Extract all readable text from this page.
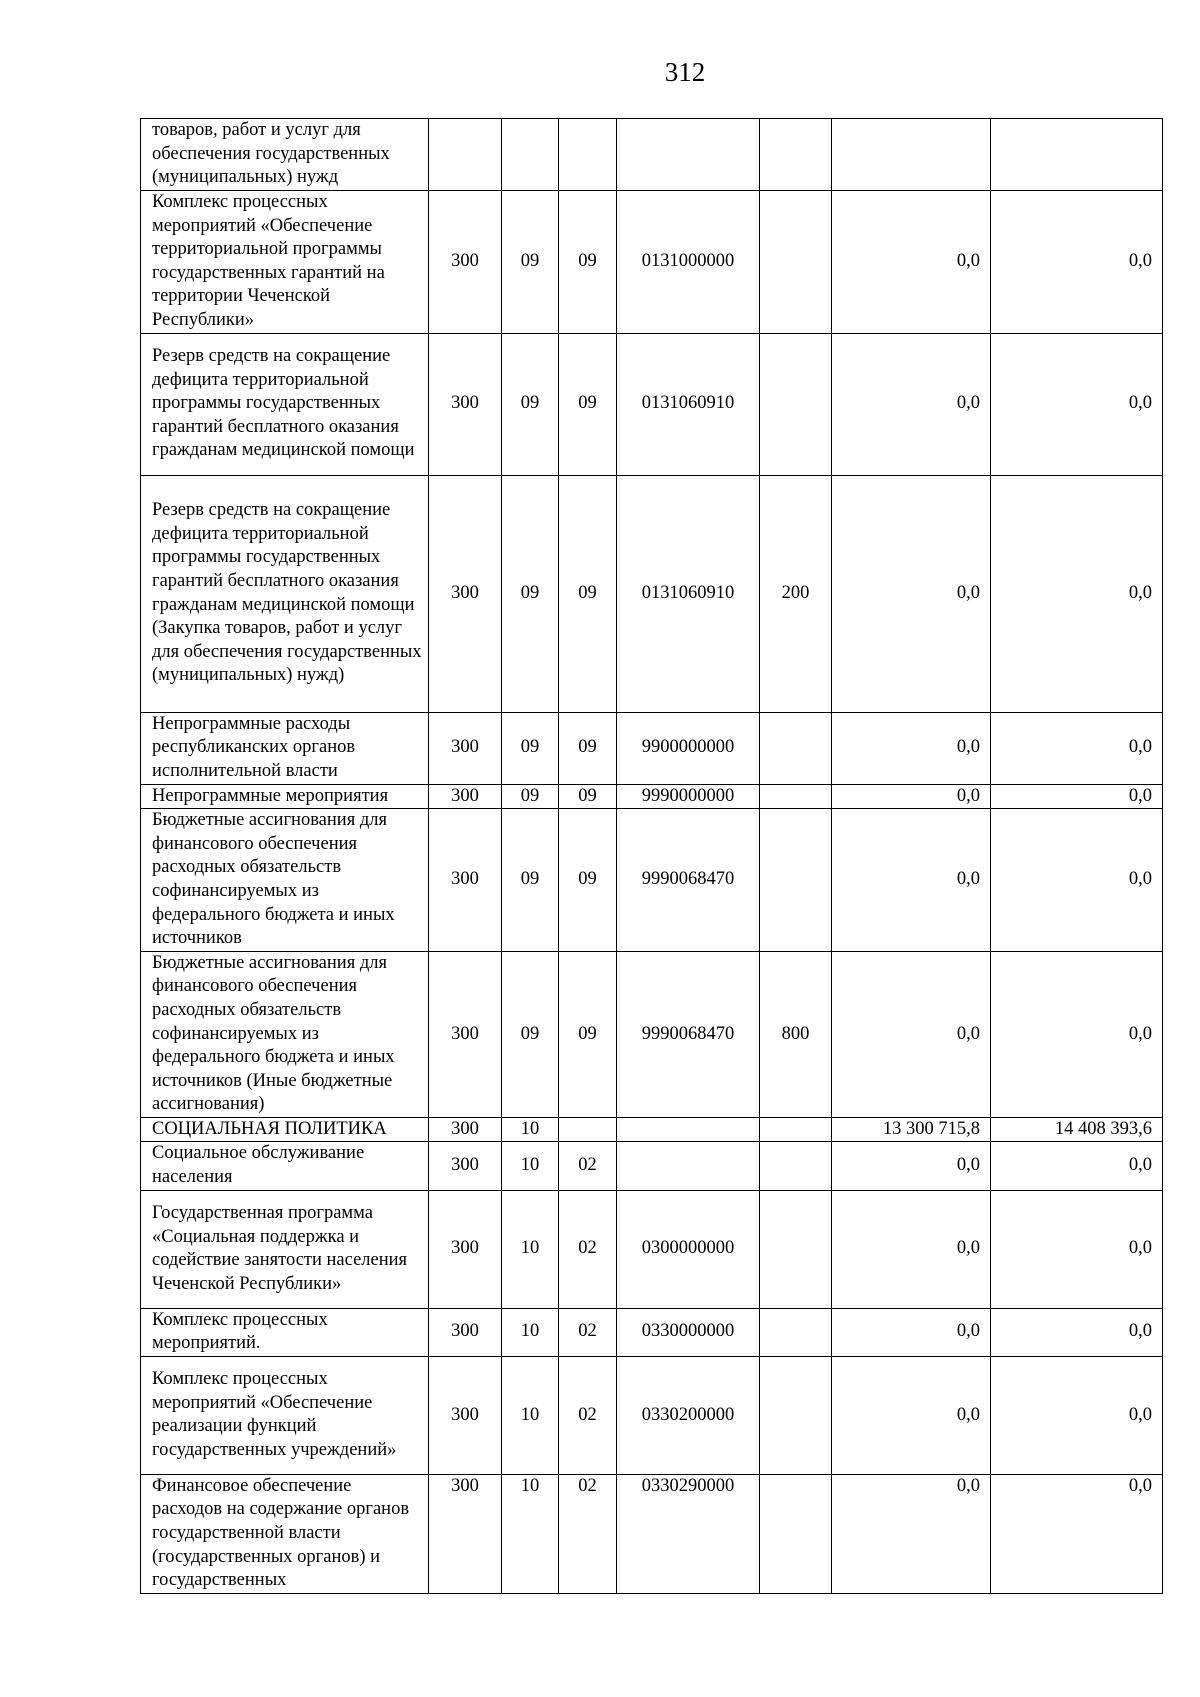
312
товаров, работ и услуг для обеспечения государственных (муниципальных) нужд							
Комплекс процессных мероприятий «Обеспечение территориальной программы государственных гарантий на территории Чеченской Республики»	300	09	09	0131000000		0,0	0,0
Резерв средств на сокращение дефицита территориальной программы государственных гарантий бесплатного оказания гражданам медицинской помощи	300	09	09	0131060910		0,0	0,0
Резерв средств на сокращение дефицита территориальной программы государственных гарантий бесплатного оказания гражданам медицинской помощи (Закупка товаров, работ и услуг для обеспечения государственных (муниципальных) нужд)	300	09	09	0131060910	200	0,0	0,0
Непрограммные расходы республиканских органов исполнительной власти	300	09	09	9900000000		0,0	0,0
Непрограммные мероприятия	300	09	09	9990000000		0,0	0,0
Бюджетные ассигнования для финансового обеспечения расходных обязательств софинансируемых из федерального бюджета и иных источников	300	09	09	9990068470		0,0	0,0
Бюджетные ассигнования для финансового обеспечения расходных обязательств софинансируемых из федерального бюджета и иных источников (Иные бюджетные ассигнования)	300	09	09	9990068470	800	0,0	0,0
СОЦИАЛЬНАЯ ПОЛИТИКА	300	10				13 300 715,8	14 408 393,6
Социальное обслуживание населения	300	10	02			0,0	0,0
Государственная программа «Социальная поддержка и содействие занятости населения Чеченской Республики»	300	10	02	0300000000		0,0	0,0
Комплекс процессных мероприятий.	300	10	02	0330000000		0,0	0,0
Комплекс процессных мероприятий «Обеспечение реализации функций государственных учреждений»	300	10	02	0330200000		0,0	0,0
Финансовое обеспечение расходов на содержание органов государственной власти (государственных органов) и государственных	300	10	02	0330290000		0,0	0,0
